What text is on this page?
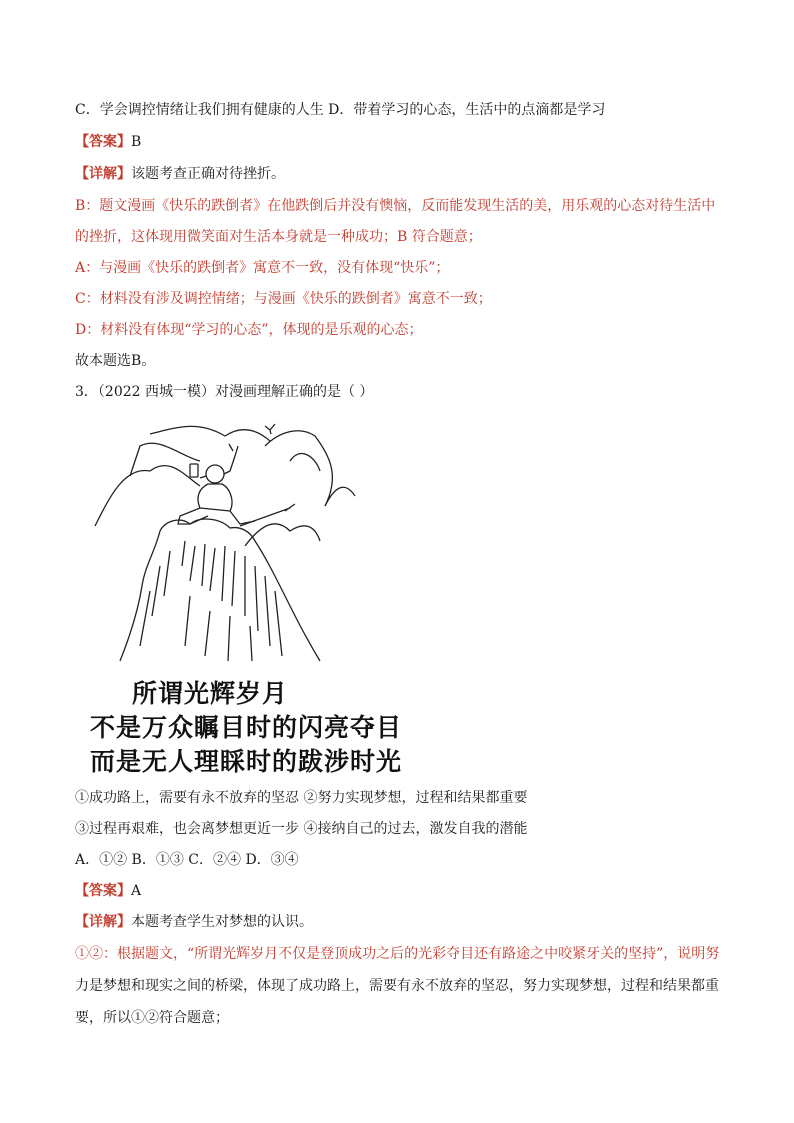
C．学会调控情绪让我们拥有健康的人生 D．带着学习的心态，生活中的点滴都是学习
【答案】B
【详解】该题考查正确对待挫折。
B：题文漫画《快乐的跌倒者》在他跌倒后并没有懊恼，反而能发现生活的美，用乐观的心态对待生活中
的挫折，这体现用微笑面对生活本身就是一种成功；B 符合题意；
A：与漫画《快乐的跌倒者》寓意不一致，没有体现“快乐”；
C：材料没有涉及调控情绪；与漫画《快乐的跌倒者》寓意不一致；
D：材料没有体现“学习的心态”，体现的是乐观的心态；
故本题选B。
3．（2022 西城一模）对漫画理解正确的是（ ）
所谓光辉岁月
不是万众瞩目时的闪亮夺目
而是无人理睬时的跋涉时光
①成功路上，需要有永不放弃的坚忍 ②努力实现梦想，过程和结果都重要
③过程再艰难，也会离梦想更近一步 ④接纳自己的过去，激发自我的潜能
A．①② B．①③ C．②④ D．③④
【答案】A
【详解】本题考查学生对梦想的认识。
①②：根据题文，“所谓光辉岁月不仅是登顶成功之后的光彩夺目还有路途之中咬紧牙关的坚持”，说明努
力是梦想和现实之间的桥梁，体现了成功路上，需要有永不放弃的坚忍，努力实现梦想，过程和结果都重
要，所以①②符合题意；
